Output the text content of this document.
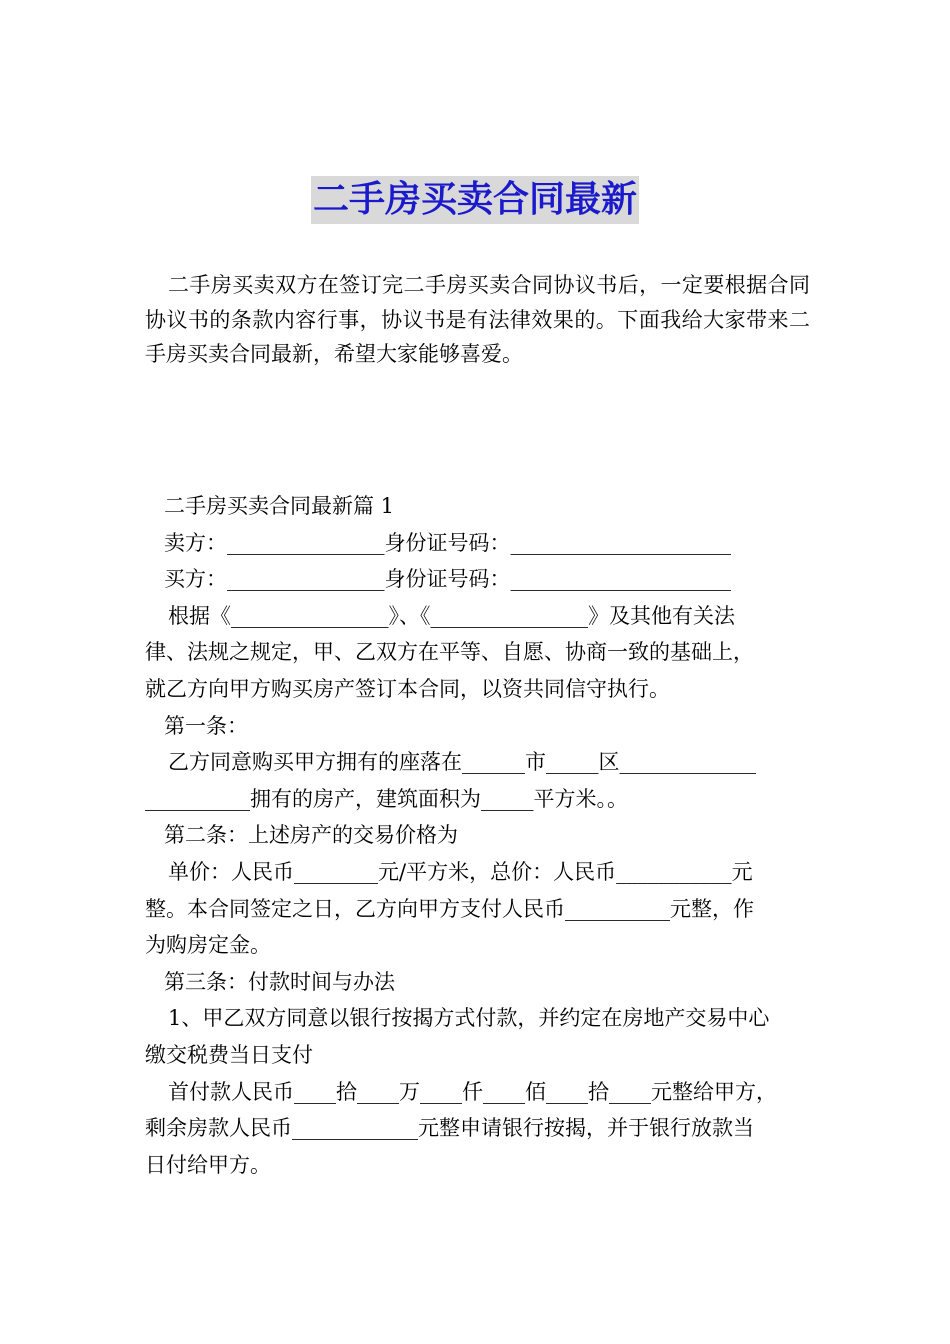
二手房买卖合同最新

二手房买卖双方在签订完二手房买卖合同协议书后，一定要根据合同协议书的条款内容行事，协议书是有法律效果的。下面我给大家带来二手房买卖合同最新，希望大家能够喜爱。

二手房买卖合同最新篇 1
卖方：_______________身份证号码：_____________________
买方：_______________身份证号码：_____________________
根据《_______________》、《_______________》及其他有关法
律、法规之规定，甲、乙双方在平等、自愿、协商一致的基础上，
就乙方向甲方购买房产签订本合同，以资共同信守执行。
第一条：
乙方同意购买甲方拥有的座落在______市_____区_____________
__________拥有的房产，建筑面积为_____平方米。。
第二条：上述房产的交易价格为
单价：人民币________元/平方米，总价：人民币___________元
整。本合同签定之日，乙方向甲方支付人民币__________元整，作
为购房定金。
第三条：付款时间与办法
1、甲乙双方同意以银行按揭方式付款，并约定在房地产交易中心
缴交税费当日支付
首付款人民币____拾____万____仟____佰____拾____元整给甲方，
剩余房款人民币____________元整申请银行按揭，并于银行放款当
日付给甲方。
